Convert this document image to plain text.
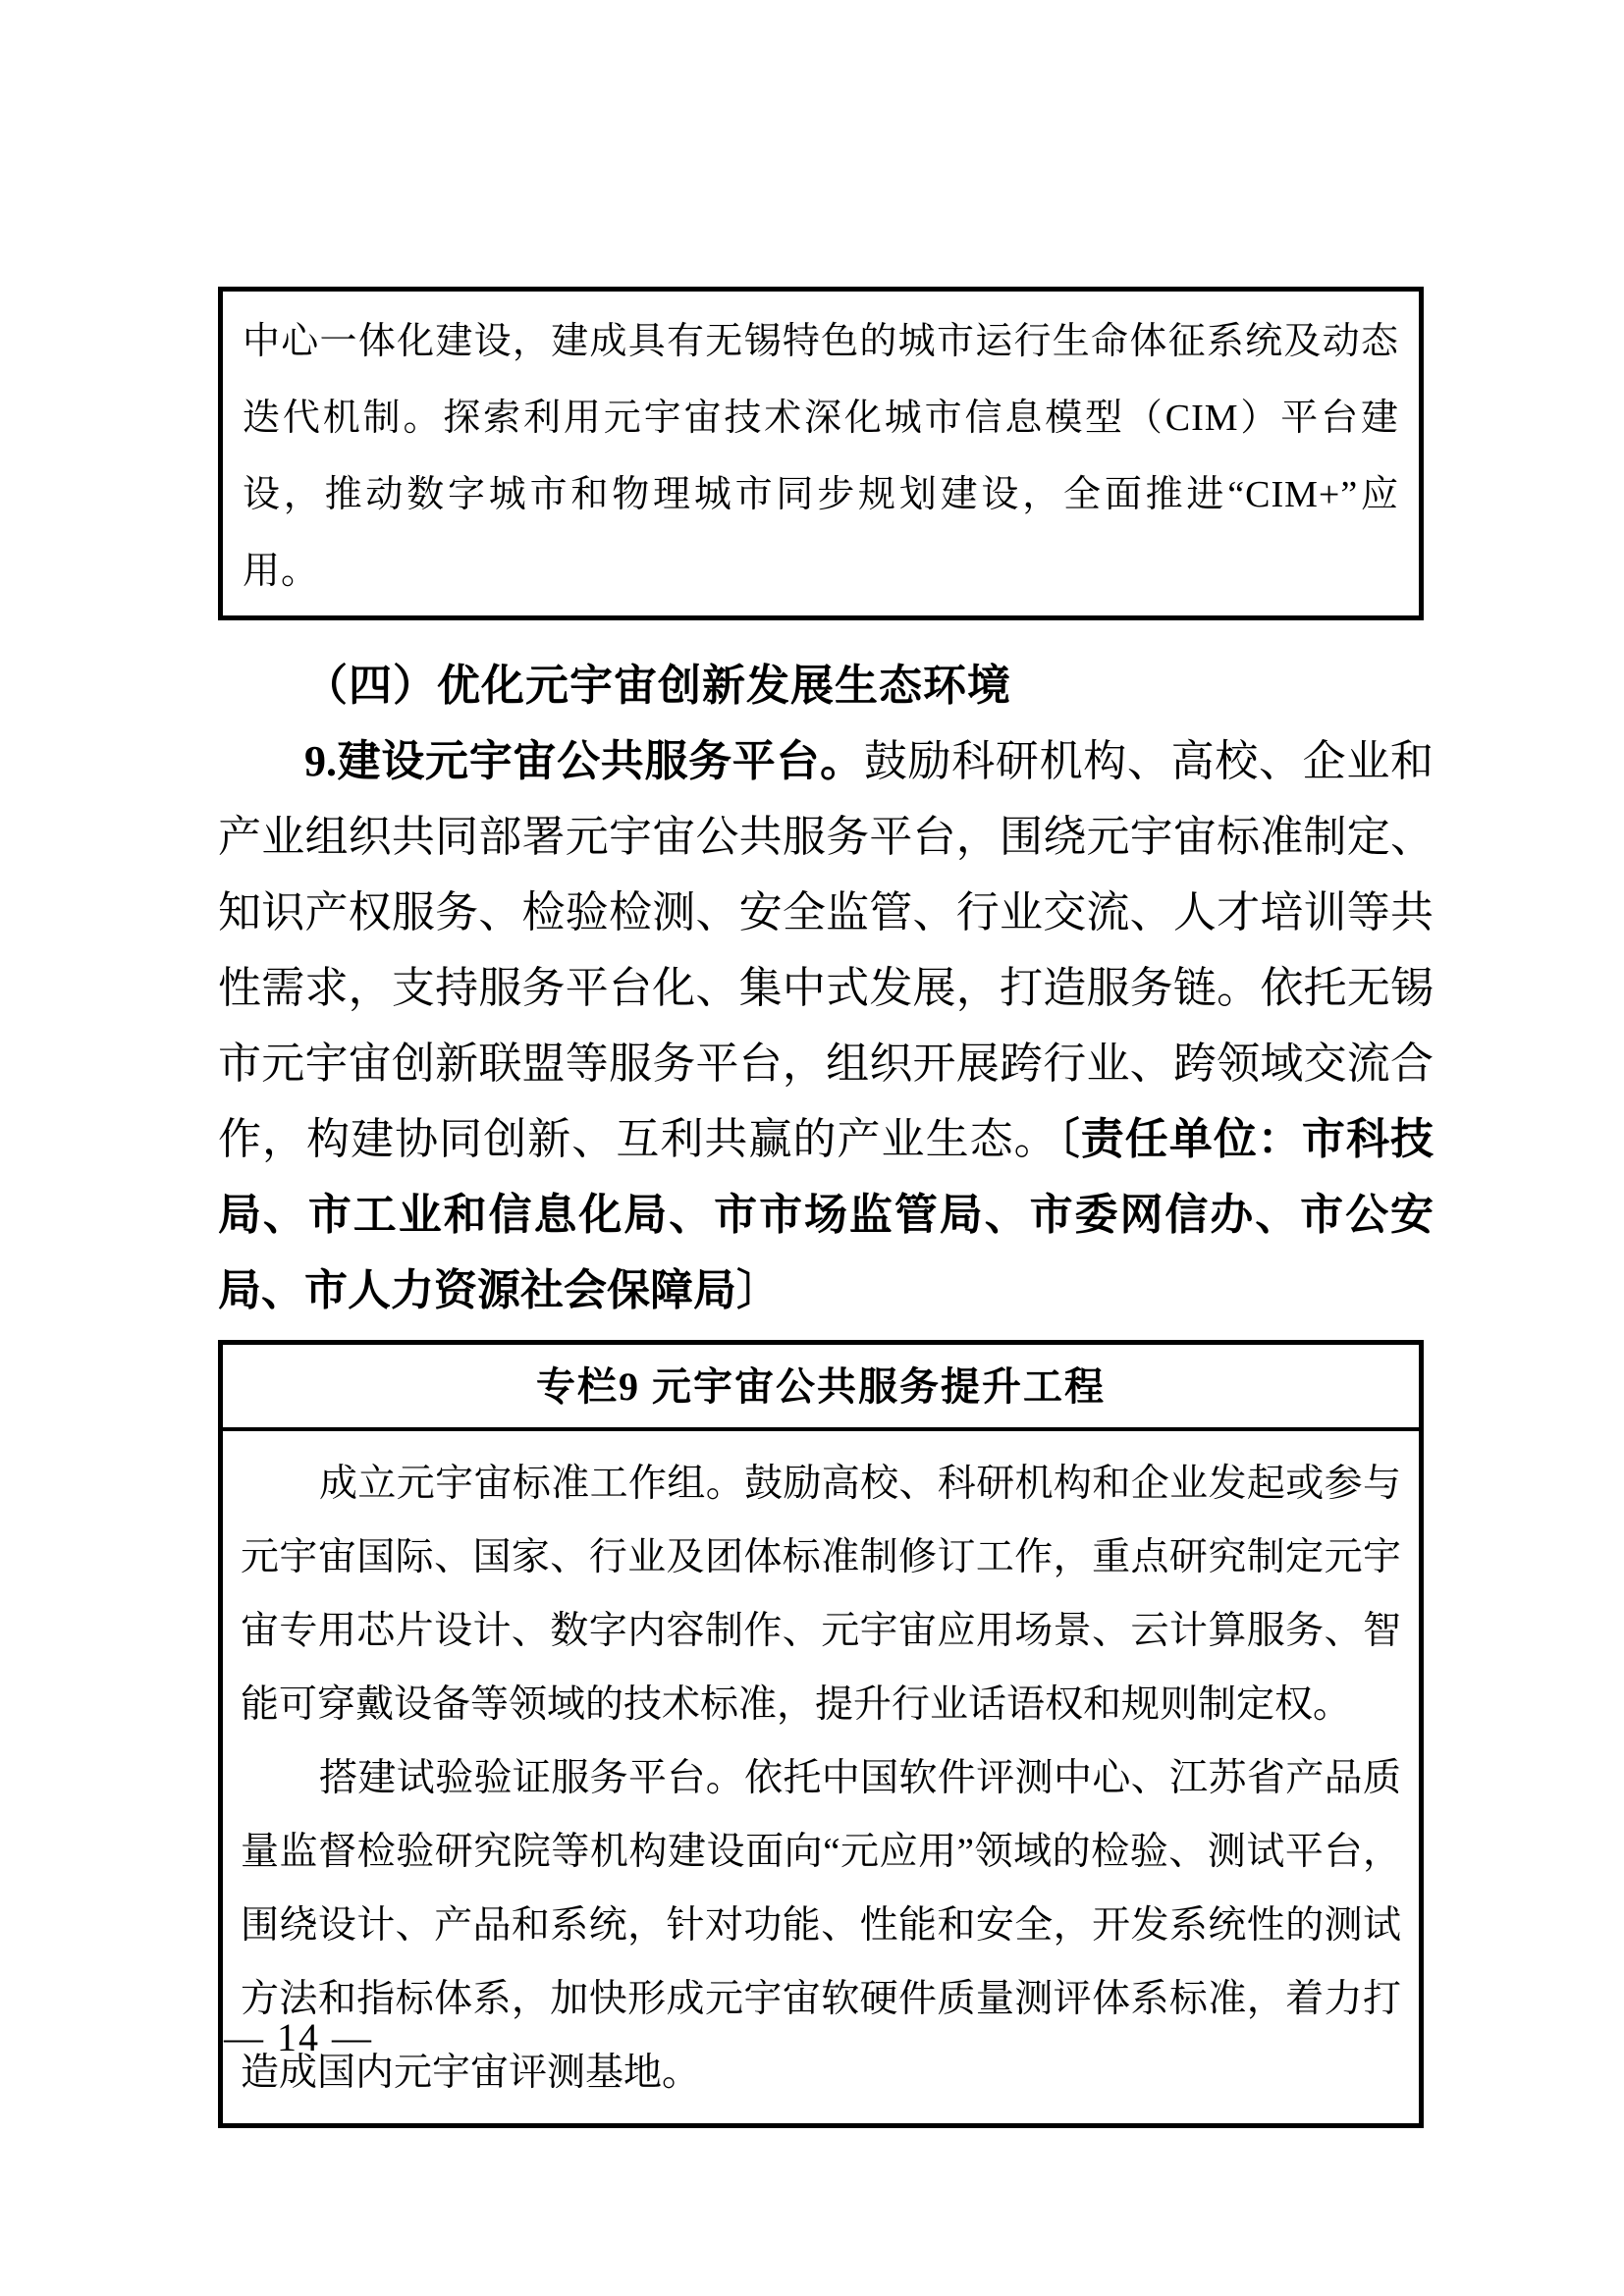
中心一体化建设，建成具有无锡特色的城市运行生命体征系统及动态迭代机制。探索利用元宇宙技术深化城市信息模型（CIM）平台建设，推动数字城市和物理城市同步规划建设，全面推进“CIM+”应用。
（四）优化元宇宙创新发展生态环境

9.建设元宇宙公共服务平台。鼓励科研机构、高校、企业和产业组织共同部署元宇宙公共服务平台，围绕元宇宙标准制定、知识产权服务、检验检测、安全监管、行业交流、人才培训等共性需求，支持服务平台化、集中式发展，打造服务链。依托无锡市元宇宙创新联盟等服务平台，组织开展跨行业、跨领域交流合作，构建协同创新、互利共赢的产业生态。〔责任单位：市科技局、市工业和信息化局、市市场监管局、市委网信办、市公安局、市人力资源社会保障局〕

专栏9 元宇宙公共服务提升工程

成立元宇宙标准工作组。鼓励高校、科研机构和企业发起或参与元宇宙国际、国家、行业及团体标准制修订工作，重点研究制定元宇宙专用芯片设计、数字内容制作、元宇宙应用场景、云计算服务、智能可穿戴设备等领域的技术标准，提升行业话语权和规则制定权。

搭建试验验证服务平台。依托中国软件评测中心、江苏省产品质量监督检验研究院等机构建设面向“元应用”领域的检验、测试平台，围绕设计、产品和系统，针对功能、性能和安全，开发系统性的测试方法和指标体系，加快形成元宇宙软硬件质量测评体系标准，着力打造成国内元宇宙评测基地。

— 14 —
